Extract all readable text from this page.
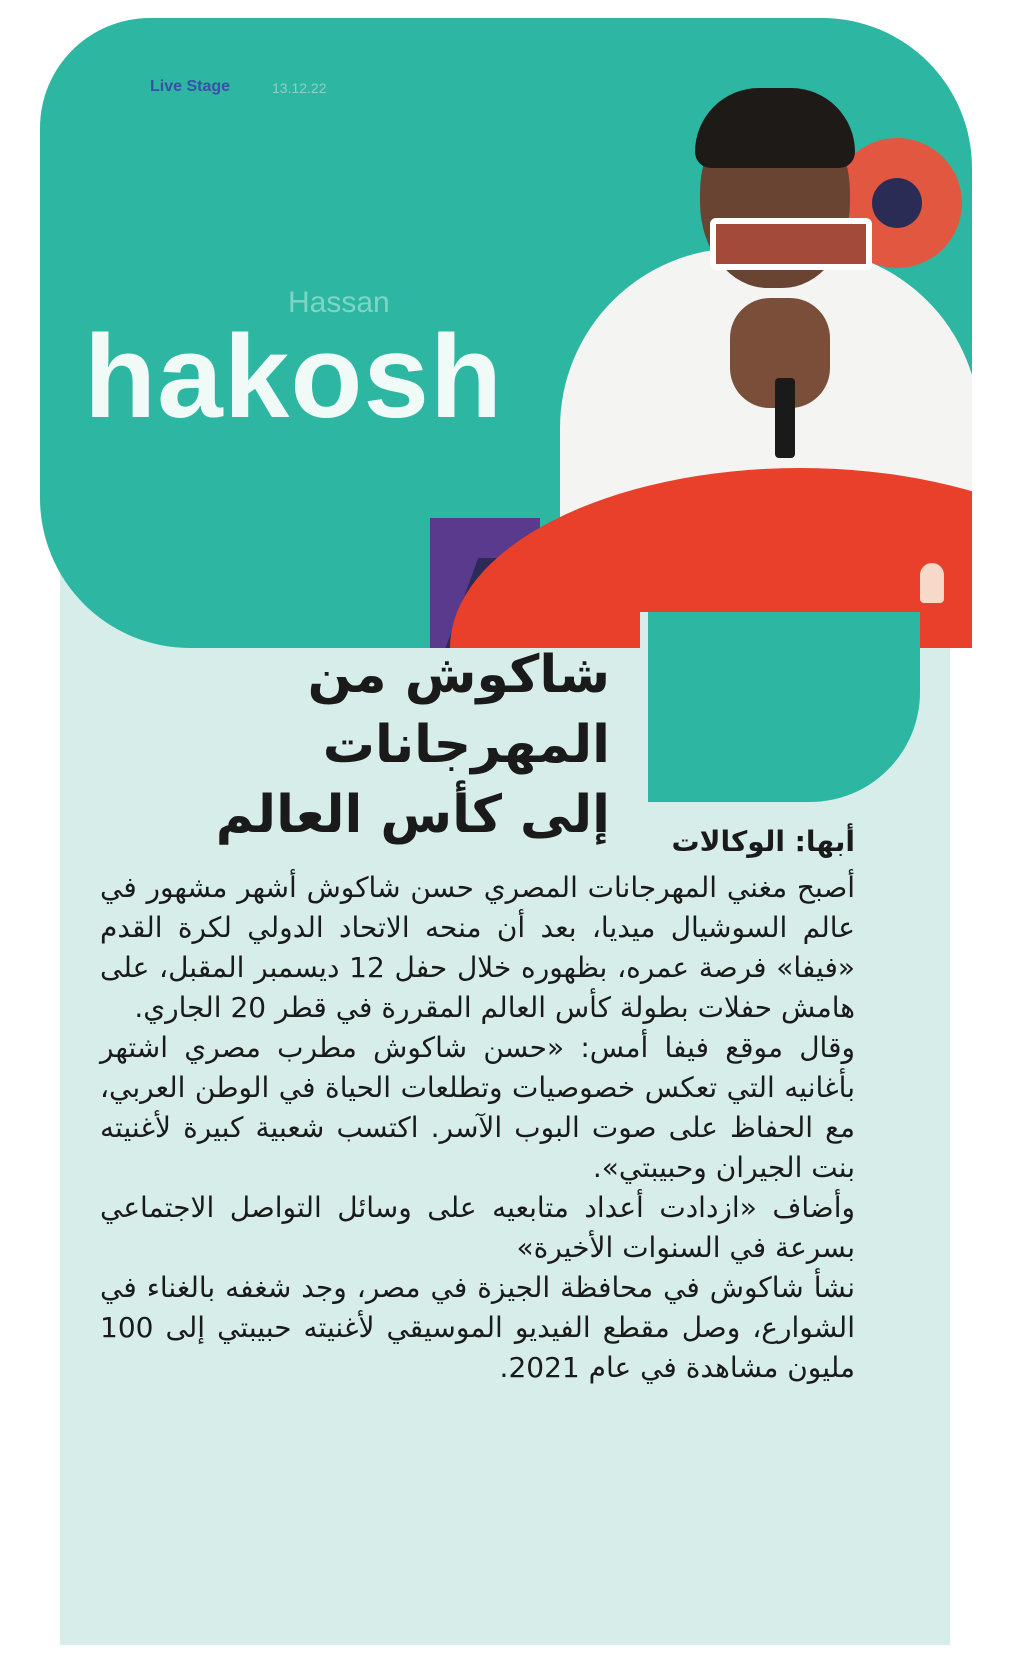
Live Stage	13.12.22
Hassan
hakosh
شاكوش من المهرجانات
إلى كأس العالم	أبها: الوكالات

أصبح مغني المهرجانات المصري حسن شاكوش أشهر مشهور في عالم السوشيال ميديا، بعد أن منحه الاتحاد الدولي لكرة القدم «فيفا» فرصة عمره، بظهوره خلال حفل 12 ديسمبر المقبل، على هامش حفلات بطولة كأس العالم المقررة في قطر 20 الجاري.

وقال موقع فيفا أمس: «حسن شاكوش مطرب مصري اشتهر بأغانيه التي تعكس خصوصيات وتطلعات الحياة في الوطن العربي، مع الحفاظ على صوت البوب الآسر. اكتسب شعبية كبيرة لأغنيته بنت الجيران وحبيبتي».

وأضاف «ازدادت أعداد متابعيه على وسائل التواصل الاجتماعي بسرعة في السنوات الأخيرة»

نشأ شاكوش في محافظة الجيزة في مصر، وجد شغفه بالغناء في الشوارع، وصل مقطع الفيديو الموسيقي لأغنيته حبيبتي إلى 100 مليون مشاهدة في عام 2021.
